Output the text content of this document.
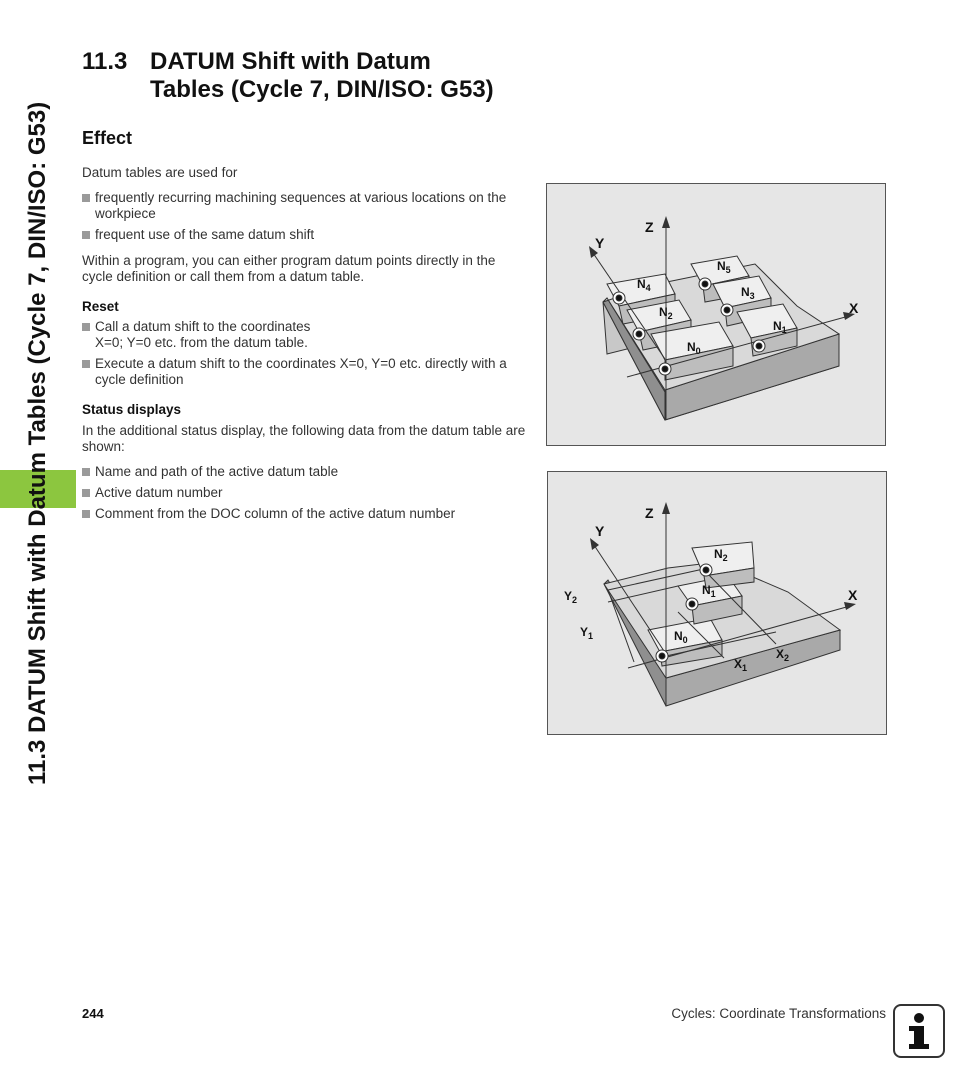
11.3 DATUM Shift with Datum Tables (Cycle 7, DIN/ISO: G53)
11.3 DATUM Shift with Datum
Tables (Cycle 7, DIN/ISO: G53)
Effect

Datum tables are used for

frequently recurring machining sequences at various locations on the workpiece

frequent use of the same datum shift

Within a program, you can either program datum points directly in the cycle definition or call them from a datum table.

Reset

Call a datum shift to the coordinates
X=0; Y=0 etc. from the datum table.

Execute a datum shift to the coordinates X=0, Y=0 etc. directly with a cycle definition

Status displays

In the additional status display, the following data from the datum table are shown:

Name and path of the active datum table

Active datum number

Comment from the DOC column of the active datum number

Z
Y
X
$N_0$
$N_1$
$N_2$
$N_3$
$N_4$
$N_5$
Z
Y
X
$N_0$
$N_1$
$N_2$
$X_1$
$X_2$
$Y_1$
$Y_2$
244	Cycles: Coordinate Transformations
